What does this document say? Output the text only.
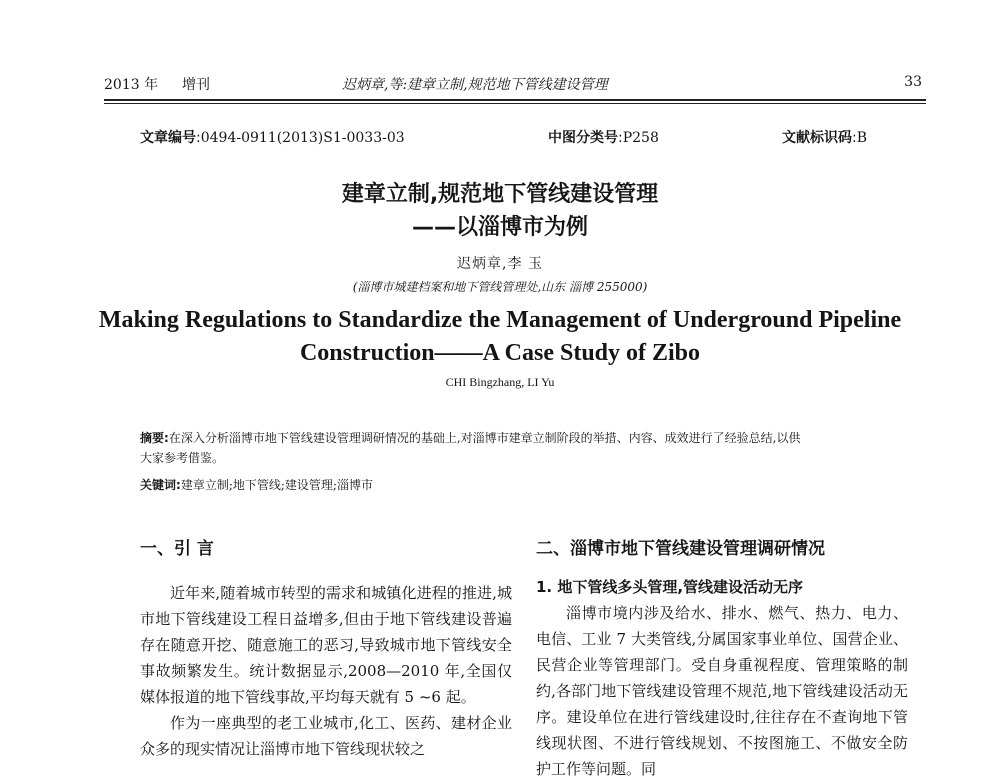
2013 年 增刊	迟炳章,等:建章立制,规范地下管线建设管理	33
文章编号:0494-0911(2013)S1-0033-03	中图分类号:P258	文献标识码:B
建章立制,规范地下管线建设管理
——以淄博市为例
迟炳章,李 玉
(淄博市城建档案和地下管线管理处,山东 淄博 255000)
Making Regulations to Standardize the Management of Underground Pipeline
Construction——A Case Study of Zibo
CHI Bingzhang, LI Yu
摘要:在深入分析淄博市地下管线建设管理调研情况的基础上,对淄博市建章立制阶段的举措、内容、成效进行了经验总结,以供
大家参考借鉴。
关键词:建章立制;地下管线;建设管理;淄博市
一、引 言

近年来,随着城市转型的需求和城镇化进程的推进,城市地下管线建设工程日益增多,但由于地下管线建设普遍存在随意开挖、随意施工的恶习,导致城市地下管线安全事故频繁发生。统计数据显示,2008—2010 年,全国仅媒体报道的地下管线事故,平均每天就有 5 ~6 起。

作为一座典型的老工业城市,化工、医药、建材企业众多的现实情况让淄博市地下管线现状较之

二、淄博市地下管线建设管理调研情况
1. 地下管线多头管理,管线建设活动无序

淄博市境内涉及给水、排水、燃气、热力、电力、电信、工业 7 大类管线,分属国家事业单位、国营企业、民营企业等管理部门。受自身重视程度、管理策略的制约,各部门地下管线建设管理不规范,地下管线建设活动无序。建设单位在进行管线建设时,往往存在不查询地下管线现状图、不进行管线规划、不按图施工、不做安全防护工作等问题。同
